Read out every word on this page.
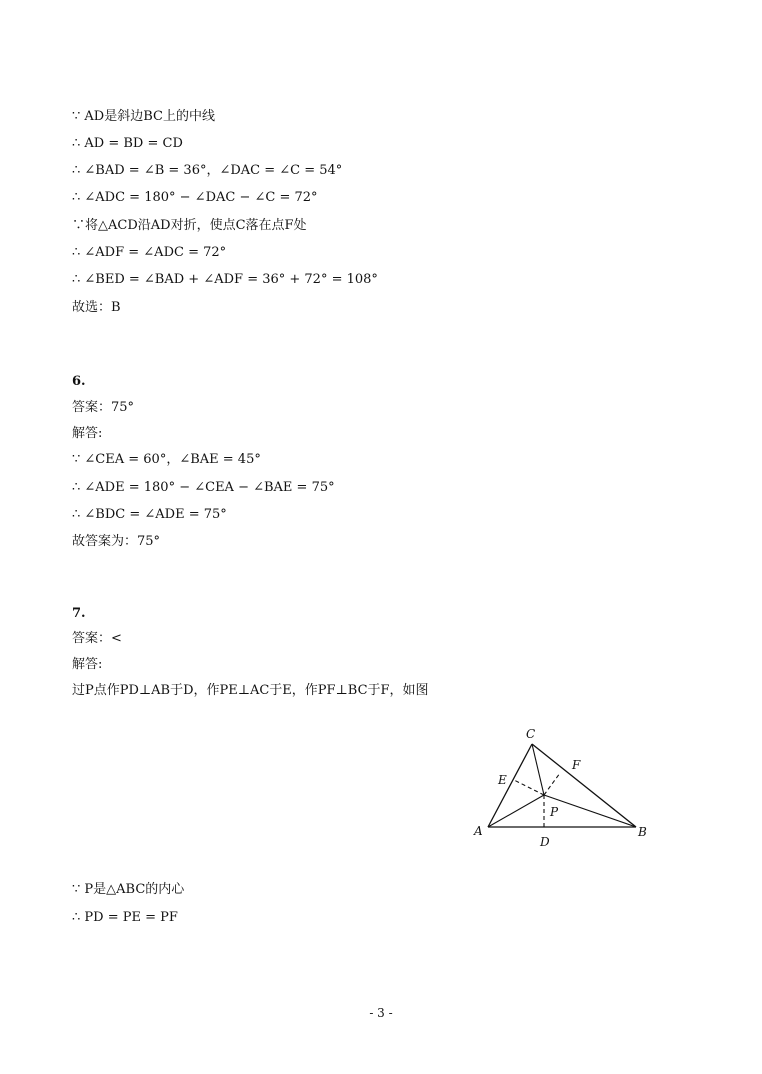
∵ AD是斜边BC上的中线
∴ AD = BD = CD
∴ ∠BAD = ∠B = 36°，∠DAC = ∠C = 54°
∴ ∠ADC = 180° − ∠DAC − ∠C = 72°
∵将△ACD沿AD对折，使点C落在点F处
∴ ∠ADF = ∠ADC = 72°
∴ ∠BED = ∠BAD + ∠ADF = 36° + 72° = 108°
故选：B
6.
答案：75°
解答:
∵ ∠CEA = 60°，∠BAE = 45°
∴ ∠ADE = 180° − ∠CEA − ∠BAE = 75°
∴ ∠BDC = ∠ADE = 75°
故答案为：75°
7.
答案：<
解答:
过P点作PD⊥AB于D，作PE⊥AC于E，作PF⊥BC于F，如图
C
A	B
D
E
F
P
∵ P是△ABC的内心
∴ PD = PE = PF
- 3 -
